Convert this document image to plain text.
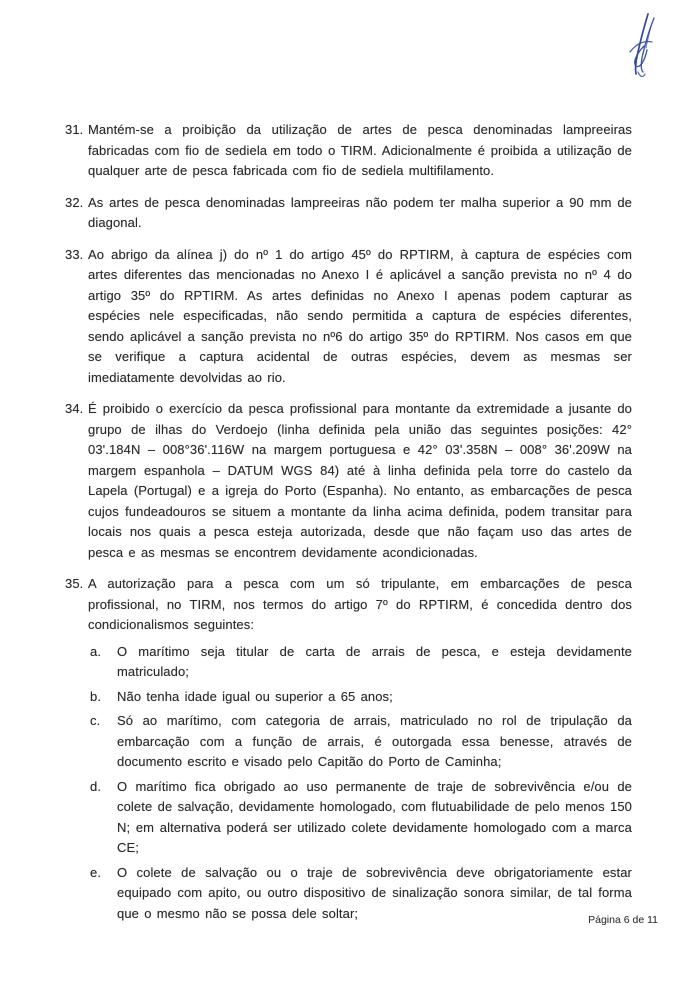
31. Mantém-se a proibição da utilização de artes de pesca denominadas lampreeiras fabricadas com fio de sediela em todo o TIRM. Adicionalmente é proibida a utilização de qualquer arte de pesca fabricada com fio de sediela multifilamento.

32. As artes de pesca denominadas lampreeiras não podem ter malha superior a 90 mm de diagonal.

33. Ao abrigo da alínea j) do nº 1 do artigo 45º do RPTIRM, à captura de espécies com artes diferentes das mencionadas no Anexo I é aplicável a sanção prevista no nº 4 do artigo 35º do RPTIRM. As artes definidas no Anexo I apenas podem capturar as espécies nele especificadas, não sendo permitida a captura de espécies diferentes, sendo aplicável a sanção prevista no nº6 do artigo 35º do RPTIRM. Nos casos em que se verifique a captura acidental de outras espécies, devem as mesmas ser imediatamente devolvidas ao rio.

34. É proibido o exercício da pesca profissional para montante da extremidade a jusante do grupo de ilhas do Verdoejo (linha definida pela união das seguintes posições: 42° 03'.184N – 008°36'.116W na margem portuguesa e 42° 03'.358N – 008° 36'.209W na margem espanhola – DATUM WGS 84) até à linha definida pela torre do castelo da Lapela (Portugal) e a igreja do Porto (Espanha). No entanto, as embarcações de pesca cujos fundeadouros se situem a montante da linha acima definida, podem transitar para locais nos quais a pesca esteja autorizada, desde que não façam uso das artes de pesca e as mesmas se encontrem devidamente acondicionadas.

35. A autorização para a pesca com um só tripulante, em embarcações de pesca profissional, no TIRM, nos termos do artigo 7º do RPTIRM, é concedida dentro dos condicionalismos seguintes:

a. O marítimo seja titular de carta de arrais de pesca, e esteja devidamente matriculado;

b. Não tenha idade igual ou superior a 65 anos;

c. Só ao marítimo, com categoria de arrais, matriculado no rol de tripulação da embarcação com a função de arrais, é outorgada essa benesse, através de documento escrito e visado pelo Capitão do Porto de Caminha;

d. O marítimo fica obrigado ao uso permanente de traje de sobrevivência e/ou de colete de salvação, devidamente homologado, com flutuabilidade de pelo menos 150 N; em alternativa poderá ser utilizado colete devidamente homologado com a marca CE;

e. O colete de salvação ou o traje de sobrevivência deve obrigatoriamente estar equipado com apito, ou outro dispositivo de sinalização sonora similar, de tal forma que o mesmo não se possa dele soltar;	Página 6 de 11
